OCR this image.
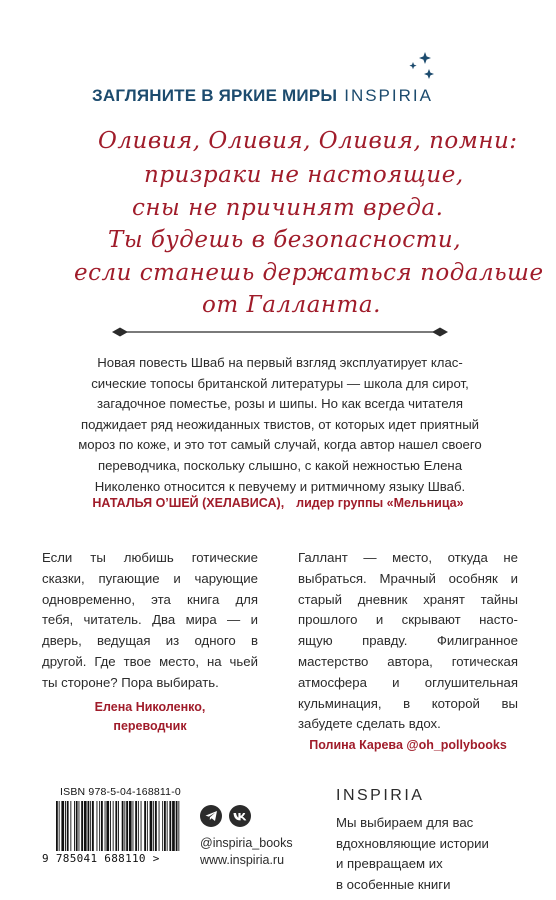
ЗАГЛЯНИТЕ В ЯРКИЕ МИРЫ INSPIRIA
Оливия, Оливия, Оливия, помни:
призраки не настоящие,
сны не причинят вреда.
Ты будешь в безопасности,
если станешь держаться подальше
от Галланта.
Новая повесть Шваб на первый взгляд эксплуатирует клас-
сические топосы британской литературы — школа для сирот,
загадочное поместье, розы и шипы. Но как всегда читателя
поджидает ряд неожиданных твистов, от которых идет приятный
мороз по коже, и это тот самый случай, когда автор нашел своего
переводчика, поскольку слышно, с какой нежностью Елена
Николенко относится к певучему и ритмичному языку Шваб.
НАТАЛЬЯ О’ШЕЙ (ХЕЛАВИСА), лидер группы «Мельница»
Если ты любишь готические
сказки, пугающие и чарующие
одновременно, эта книга для
тебя, читатель. Два мира — и
дверь, ведущая из одного в
другой. Где твое место, на чьей
ты стороне? Пора выбирать.
Елена Николенко,
переводчик
Галлант — место, откуда не
выбраться. Мрачный особняк и
старый дневник хранят тайны
прошлого и скрывают насто-
ящую правду. Филигранное
мастерство автора, готическая
атмосфера и оглушительная
кульминация, в которой вы
забудете сделать вдох.
Полина Карева @oh_pollybooks
ISBN 978-5-04-168811-0
9 785041 688110 >
@inspiria_books
www.inspiria.ru
INSPIRIA
Мы выбираем для вас
вдохновляющие истории
и превращаем их
в особенные книги
